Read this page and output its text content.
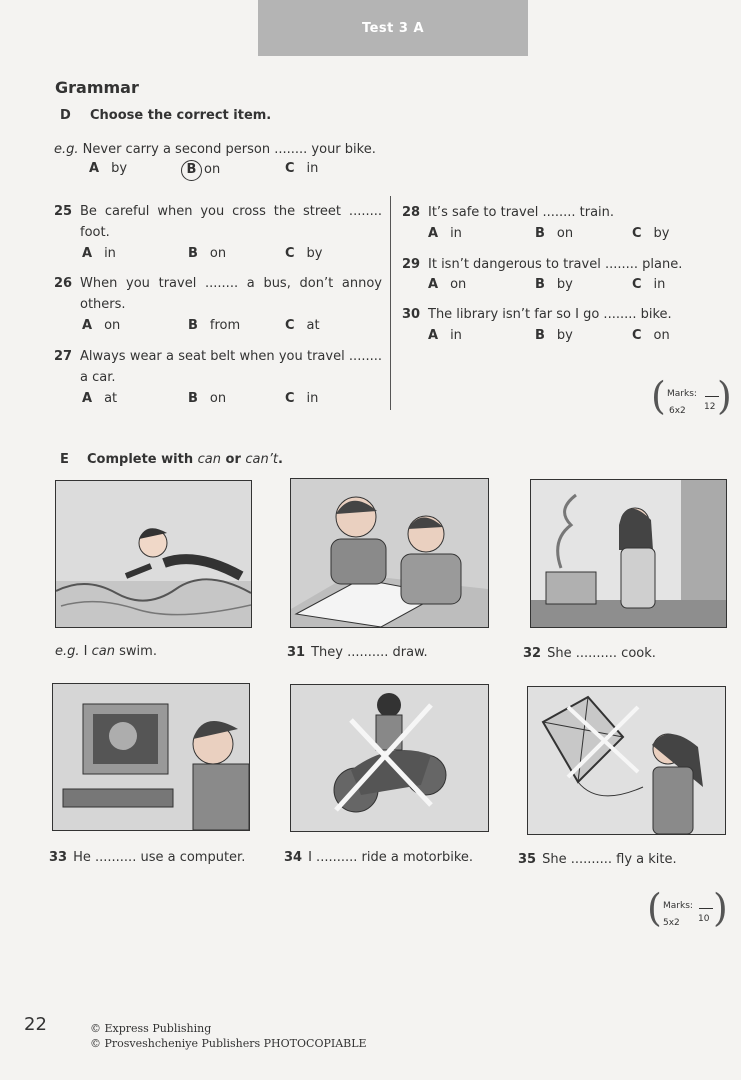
Test 3 A
Grammar
D Choose the correct item.
e.g. Never carry a second person ........ your bike.
A by	B on	C in
25 Be careful when you cross the street ........ foot.
A in	B on	C by
26 When you travel ........ a bus, don’t annoy others.
A on	B from	C at
27 Always wear a seat belt when you travel ........ a car.
A at	B on	C in
28 It’s safe to travel ........ train.
A in	B on	C by
29 It isn’t dangerous to travel ........ plane.
A on	B by	C in
30 The library isn’t far so I go ........ bike.
A in	B by	C on
( Marks:
12
6x2 )
E Complete with can or can’t.
e.g. I can swim.	31 They .......... draw.	32 She .......... cook.
33 He .......... use a computer.	34 I .......... ride a motorbike.	35 She .......... fly a kite.
( Marks:
10
5x2 )
22	© Express Publishing
© Prosveshcheniye Publishers PHOTOCOPIABLE
